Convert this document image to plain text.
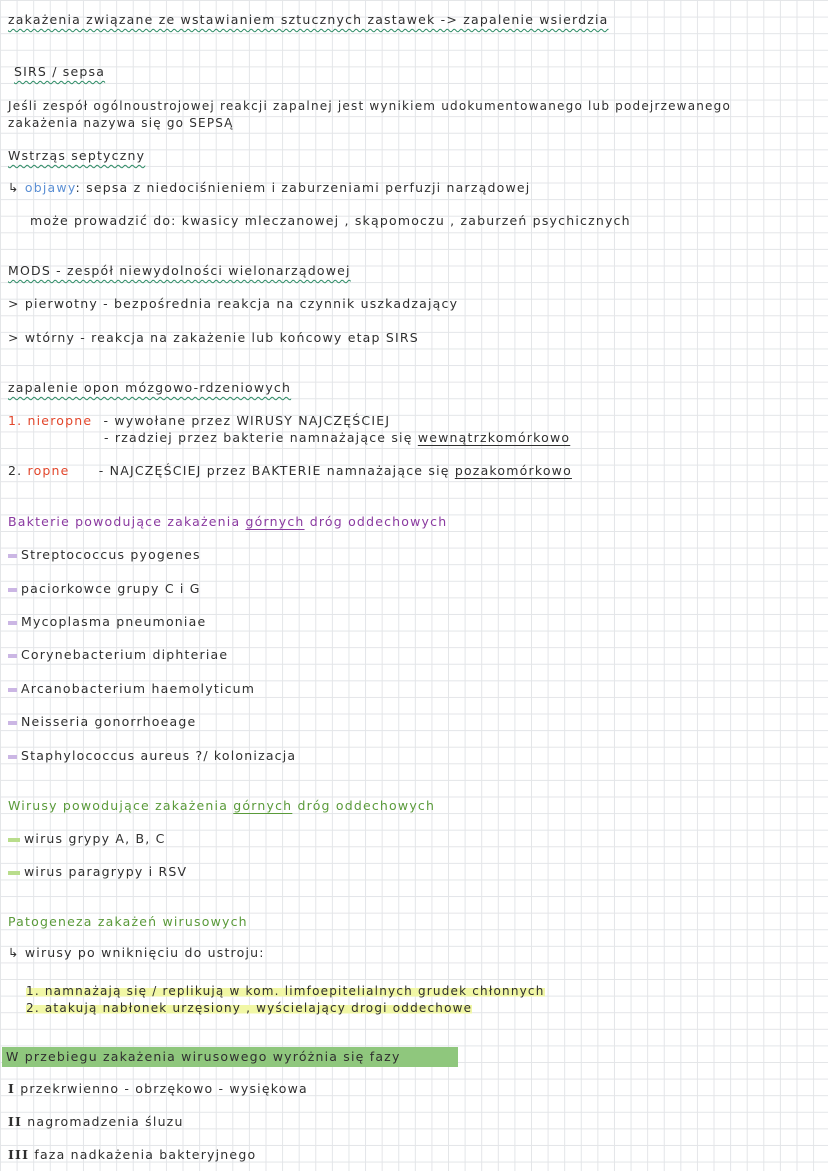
zakażenia związane ze wstawianiem sztucznych zastawek -> zapalenie wsierdzia
SIRS / sepsa
Jeśli zespół ogólnoustrojowej reakcji zapalnej jest wynikiem udokumentowanego lub podejrzewanego
zakażenia nazywa się go SEPSĄ
Wstrząs septyczny
↳ objawy: sepsa z niedociśnieniem i zaburzeniami perfuzji narządowej
może prowadzić do: kwasicy mleczanowej , skąpomoczu , zaburzeń psychicznych
MODS - zespół niewydolności wielonarządowej
> pierwotny - bezpośrednia reakcja na czynnik uszkadzający
> wtórny - reakcja na zakażenie lub końcowy etap SIRS
zapalenie opon mózgowo-rdzeniowych
1. nieropne - wywołane przez WIRUSY NAJCZĘŚCIEJ
- rzadziej przez bakterie namnażające się wewnątrzkomórkowo
2. ropne - NAJCZĘŚCIEJ przez BAKTERIE namnażające się pozakomórkowo
Bakterie powodujące zakażenia górnych dróg oddechowych
Streptococcus pyogenes
paciorkowce grupy C i G
Mycoplasma pneumoniae
Corynebacterium diphteriae
Arcanobacterium haemolyticum
Neisseria gonorrhoeage
Staphylococcus aureus ?/ kolonizacja
Wirusy powodujące zakażenia górnych dróg oddechowych
wirus grypy A, B, C
wirus paragrypy i RSV
Patogeneza zakażeń wirusowych
↳ wirusy po wniknięciu do ustroju:
1. namnażają się / replikują w kom. limfoepitelialnych grudek chłonnych
2. atakują nabłonek urzęsiony , wyścielający drogi oddechowe
W przebiegu zakażenia wirusowego wyróżnia się fazy
I przekrwienno - obrzękowo - wysiękowa
II nagromadzenia śluzu
III faza nadkażenia bakteryjnego
